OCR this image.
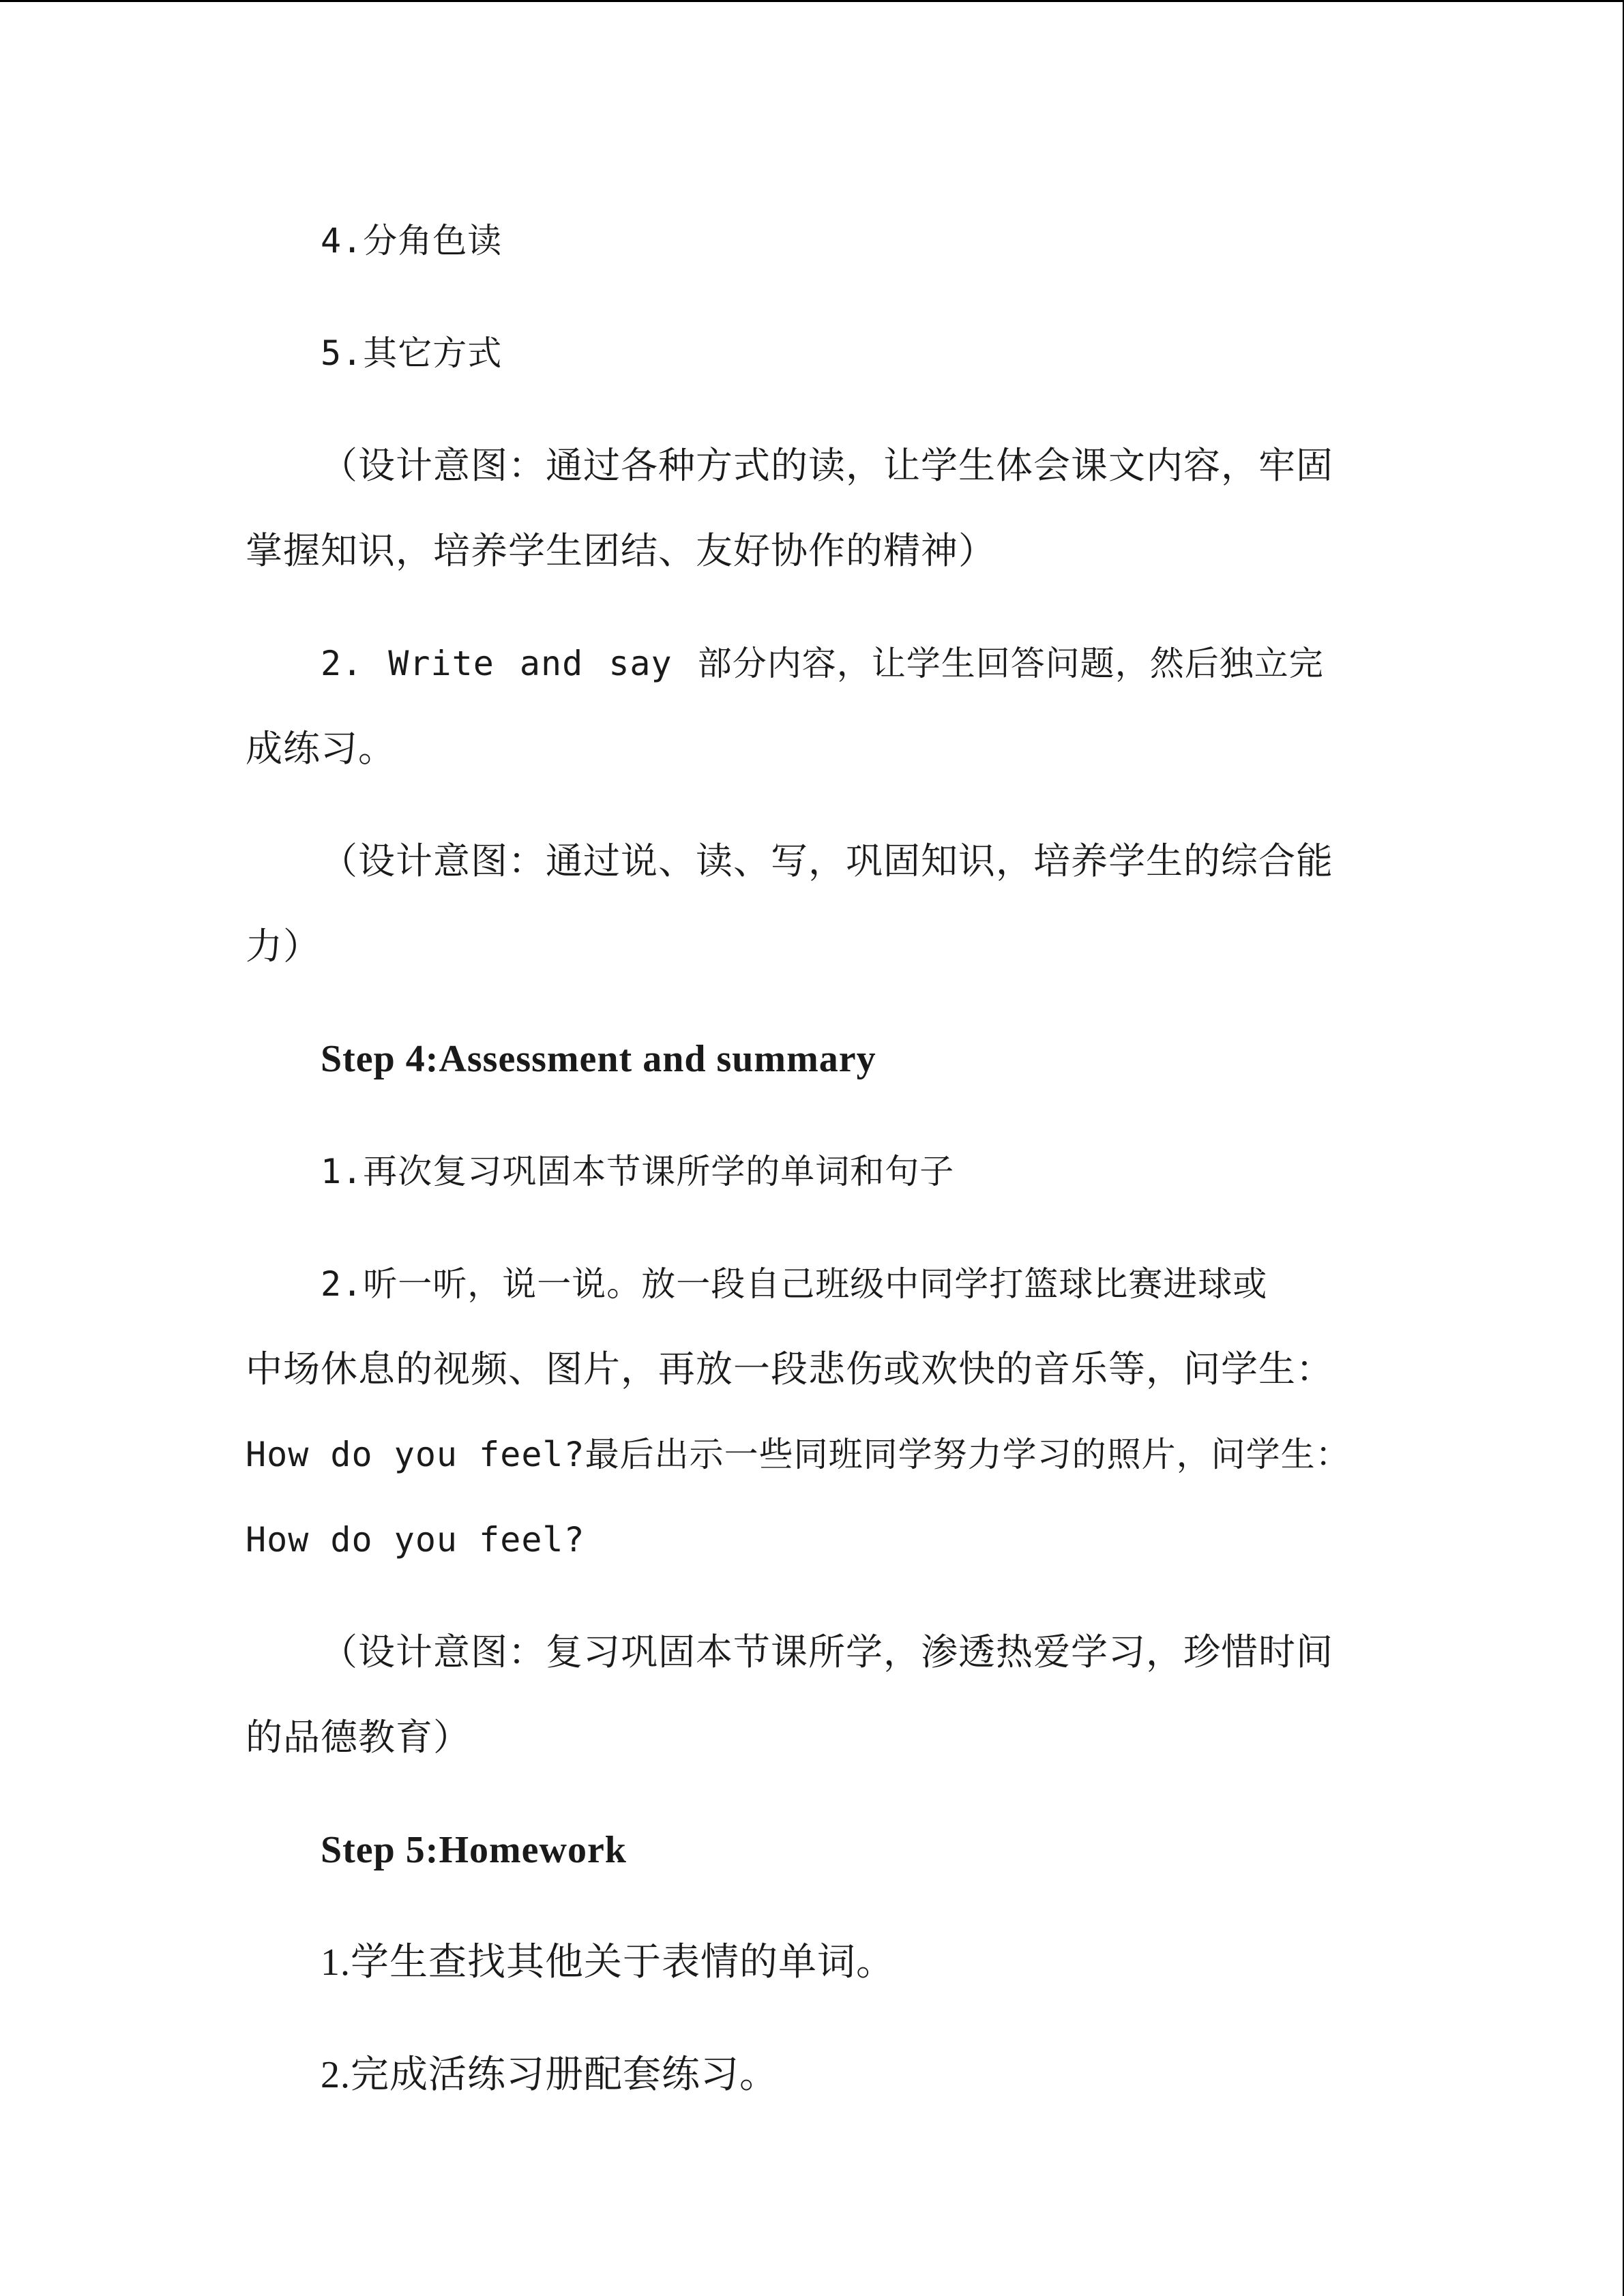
4.分角色读
5.其它方式
（设计意图：通过各种方式的读，让学生体会课文内容，牢固
掌握知识，培养学生团结、友好协作的精神）
2. Write and say 部分内容，让学生回答问题，然后独立完
成练习。
（设计意图：通过说、读、写，巩固知识，培养学生的综合能
力）
Step 4:Assessment and summary
1.再次复习巩固本节课所学的单词和句子
2.听一听，说一说。放一段自己班级中同学打篮球比赛进球或
中场休息的视频、图片，再放一段悲伤或欢快的音乐等，问学生：
How do you feel?最后出示一些同班同学努力学习的照片，问学生：
How do you feel?
（设计意图：复习巩固本节课所学，渗透热爱学习，珍惜时间
的品德教育）
Step 5:Homework
1.学生查找其他关于表情的单词。
2.完成活练习册配套练习。
